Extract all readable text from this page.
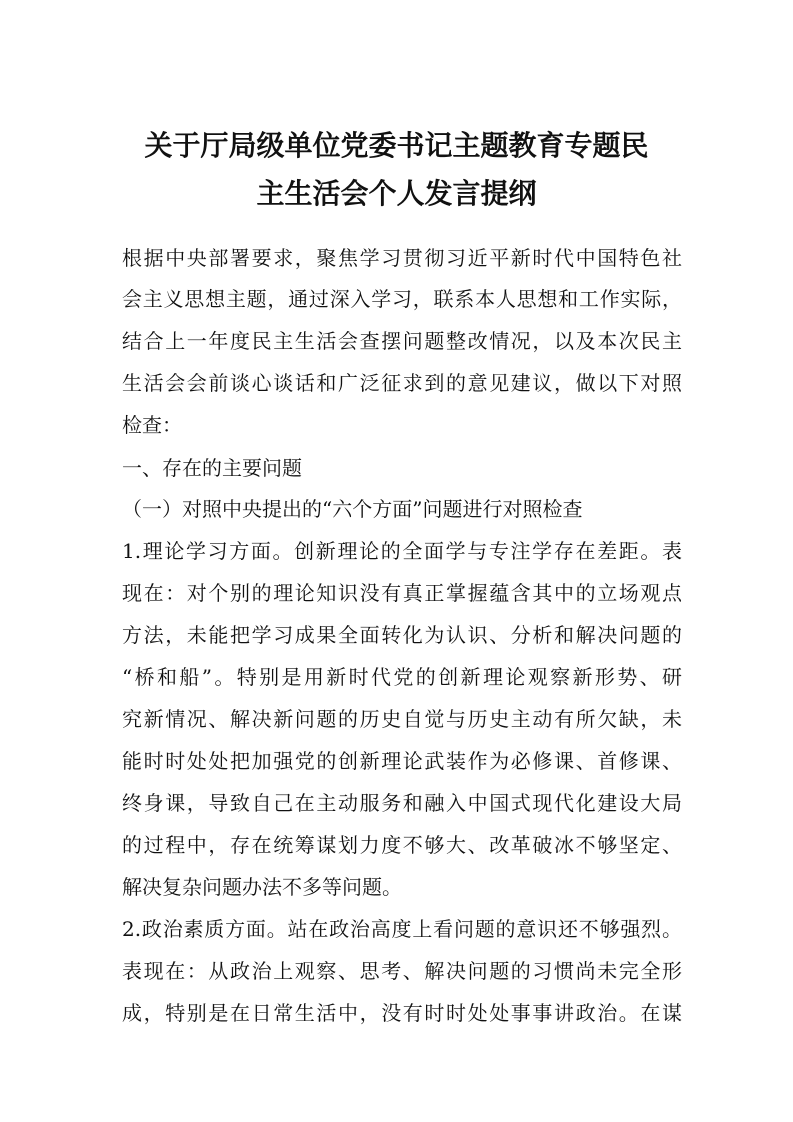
关于厅局级单位党委书记主题教育专题民
主生活会个人发言提纲
根据中央部署要求，聚焦学习贯彻习近平新时代中国特色社
会主义思想主题，通过深入学习，联系本人思想和工作实际，
结合上一年度民主生活会查摆问题整改情况，以及本次民主
生活会会前谈心谈话和广泛征求到的意见建议，做以下对照
检查：
一、存在的主要问题
（一）对照中央提出的“六个方面”问题进行对照检查
1.理论学习方面。创新理论的全面学与专注学存在差距。表
现在：对个别的理论知识没有真正掌握蕴含其中的立场观点
方法，未能把学习成果全面转化为认识、分析和解决问题的
“桥和船”。特别是用新时代党的创新理论观察新形势、研
究新情况、解决新问题的历史自觉与历史主动有所欠缺，未
能时时处处把加强党的创新理论武装作为必修课、首修课、
终身课，导致自己在主动服务和融入中国式现代化建设大局
的过程中，存在统筹谋划力度不够大、改革破冰不够坚定、
解决复杂问题办法不多等问题。
2.政治素质方面。站在政治高度上看问题的意识还不够强烈。
表现在：从政治上观察、思考、解决问题的习惯尚未完全形
成，特别是在日常生活中，没有时时处处事事讲政治。在谋
